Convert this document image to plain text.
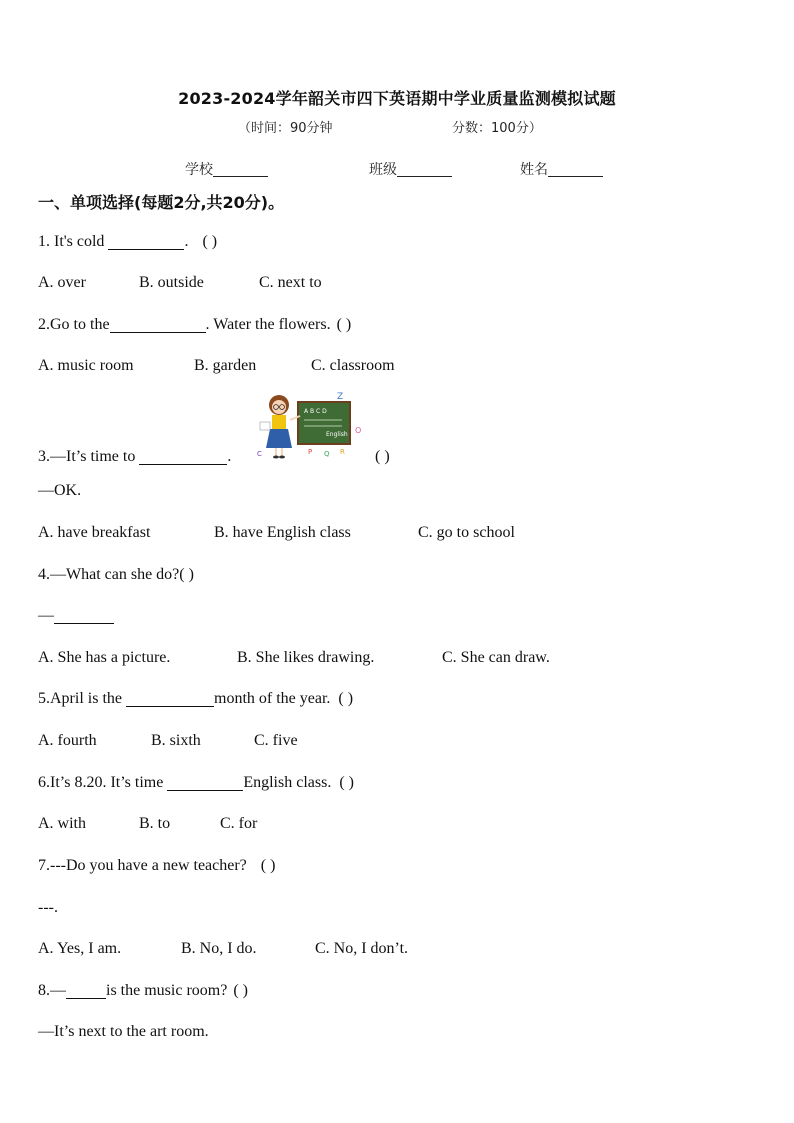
2023-2024学年韶关市四下英语期中学业质量监测模拟试题
（时间：90分钟	分数：100分）
学校	班级	姓名
一、单项选择(每题2分,共20分)。
1. It's cold	. ( )
A. over	B. outside	C. next to
2.Go to the	. Water the flowers. ( )
A. music room	B. garden	C. classroom
A B C D
English
Z
O
P Q R
C
3.—It’s time to	.	( )
—OK.
A. have breakfast	B. have English class	C. go to school
4.—What can she do?( )
—
A. She has a picture.	B. She likes drawing.	C. She can draw.
5.April is the	month of the year. ( )
A. fourth	B. sixth	C. five
6.It’s 8.20. It’s time	English class. ( )
A. with	B. to	C. for
7.---Do you have a new teacher? ( )
---.
A. Yes, I am.	B. No, I do.	C. No, I don’t.
8.—	is the music room? ( )
—It’s next to the art room.
